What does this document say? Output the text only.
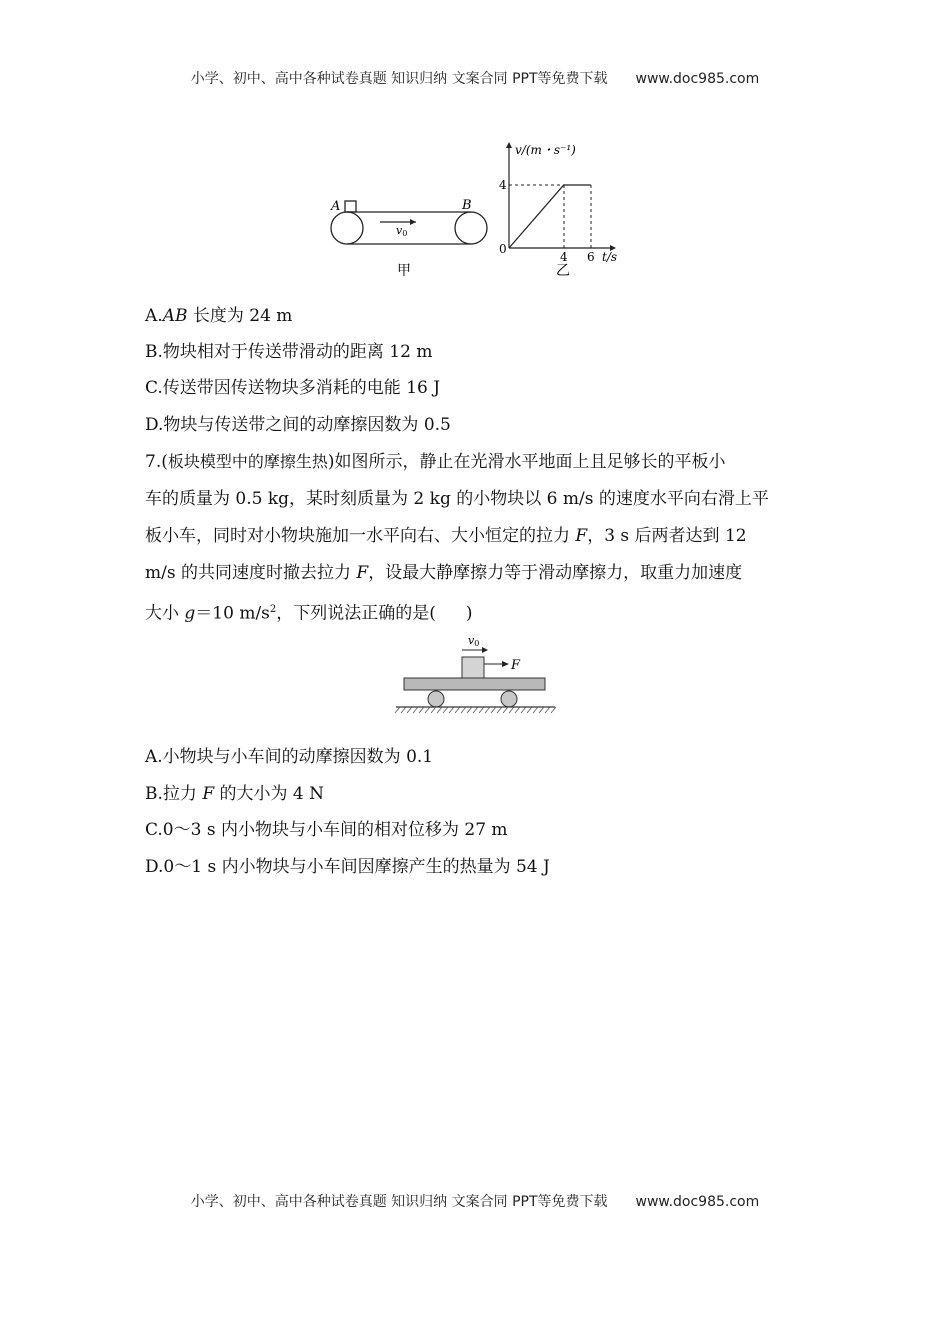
小学、初中、高中各种试卷真题 知识归纳 文案合同 PPT等免费下载 www.doc985.com
A	B
v0
甲
v/(m・s⁻¹)
4
0
4 6 t/s
乙
A.AB 长度为 24 m
B.物块相对于传送带滑动的距离 12 m
C.传送带因传送物块多消耗的电能 16 J
D.物块与传送带之间的动摩擦因数为 0.5
7.(板块模型中的摩擦生热)如图所示，静止在光滑水平地面上且足够长的平板小
车的质量为 0.5 kg，某时刻质量为 2 kg 的小物块以 6 m/s 的速度水平向右滑上平
板小车，同时对小物块施加一水平向右、大小恒定的拉力 F，3 s 后两者达到 12
m/s 的共同速度时撤去拉力 F，设最大静摩擦力等于滑动摩擦力，取重力加速度
大小 g＝10 $m/s^2$，下列说法正确的是( )
v0
F
A.小物块与小车间的动摩擦因数为 0.1
B.拉力 F 的大小为 4 N
C.0～3 s 内小物块与小车间的相对位移为 27 m
D.0～1 s 内小物块与小车间因摩擦产生的热量为 54 J
小学、初中、高中各种试卷真题 知识归纳 文案合同 PPT等免费下载 www.doc985.com
